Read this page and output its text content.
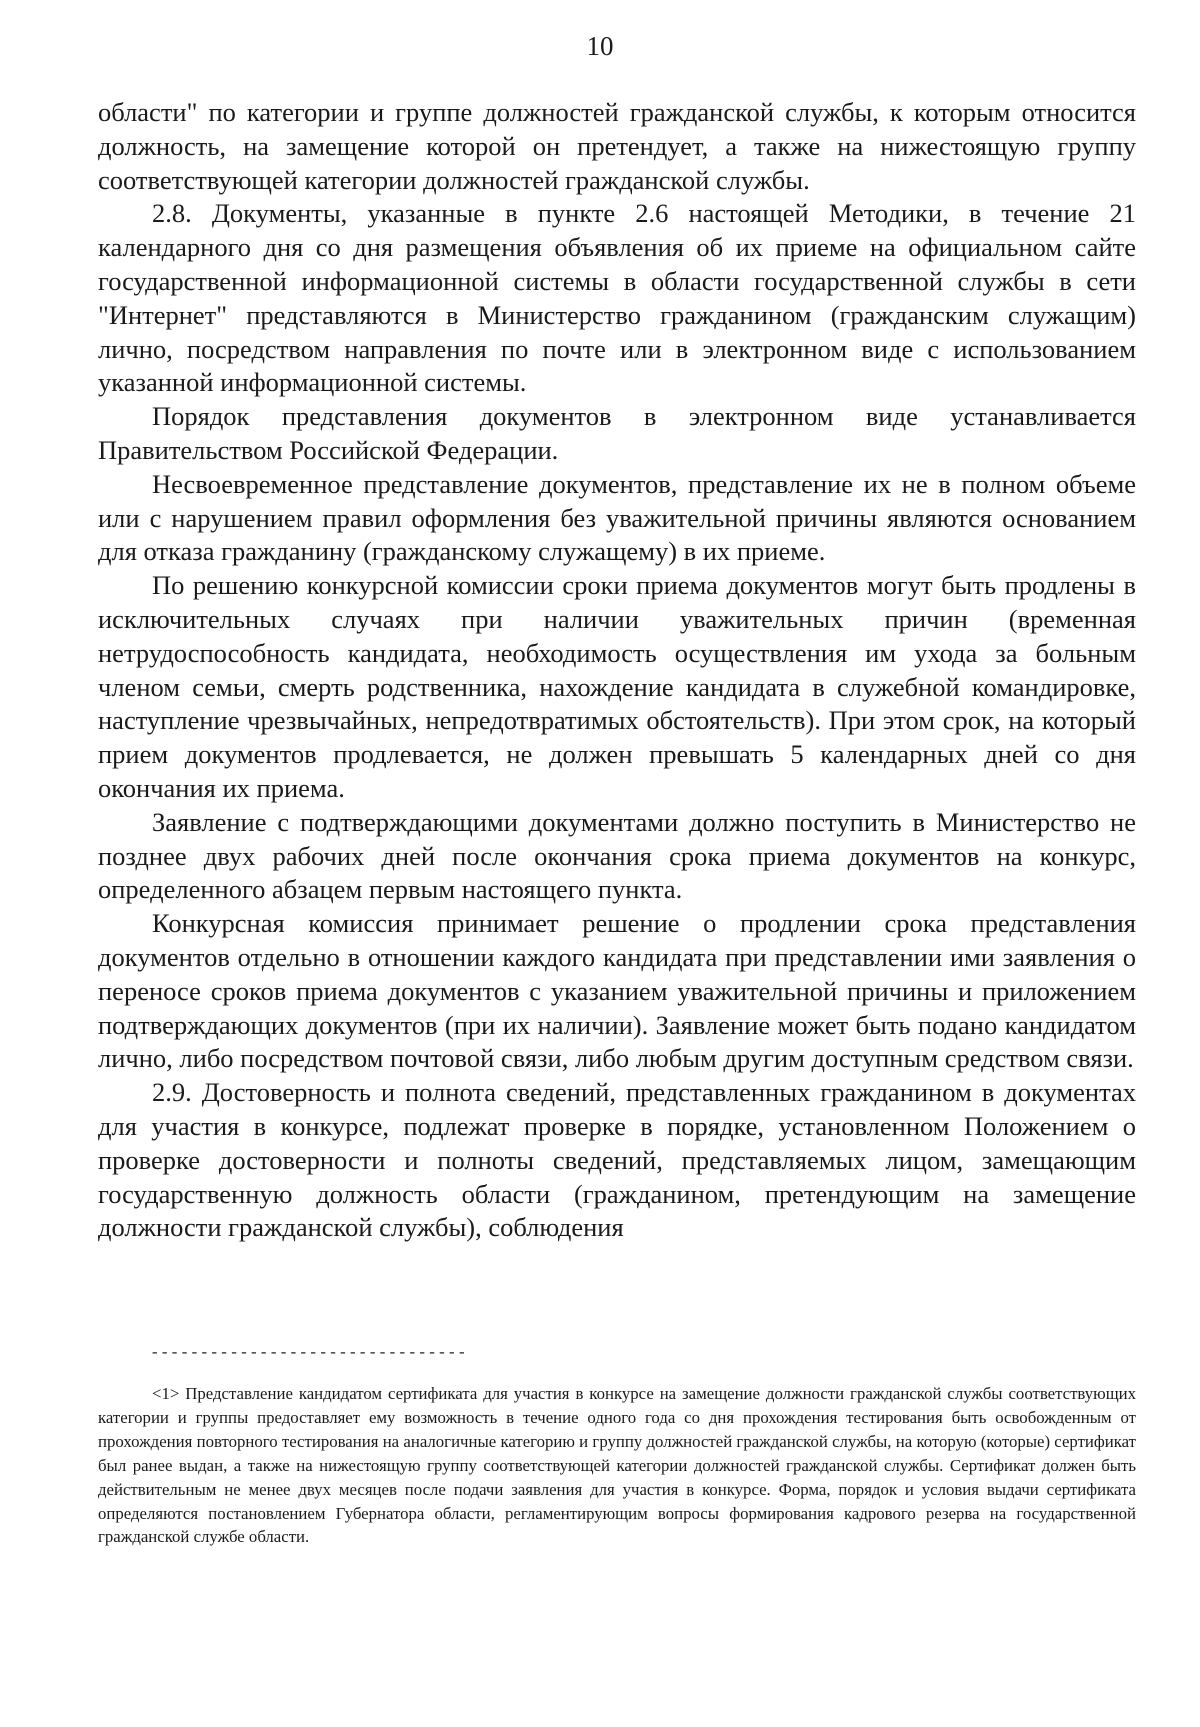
10

области" по категории и группе должностей гражданской службы, к которым относится должность, на замещение которой он претендует, а также на нижестоящую группу соответствующей категории должностей гражданской службы.

2.8. Документы, указанные в пункте 2.6 настоящей Методики, в течение 21 календарного дня со дня размещения объявления об их приеме на официальном сайте государственной информационной системы в области государственной службы в сети "Интернет" представляются в Министерство гражданином (гражданским служащим) лично, посредством направления по почте или в электронном виде с использованием указанной информационной системы.

Порядок представления документов в электронном виде устанавливается Правительством Российской Федерации.

Несвоевременное представление документов, представление их не в полном объеме или с нарушением правил оформления без уважительной причины являются основанием для отказа гражданину (гражданскому служащему) в их приеме.

По решению конкурсной комиссии сроки приема документов могут быть продлены в исключительных случаях при наличии уважительных причин (временная нетрудоспособность кандидата, необходимость осуществления им ухода за больным членом семьи, смерть родственника, нахождение кандидата в служебной командировке, наступление чрезвычайных, непредотвратимых обстоятельств). При этом срок, на который прием документов продлевается, не должен превышать 5 календарных дней со дня окончания их приема.

Заявление с подтверждающими документами должно поступить в Министерство не позднее двух рабочих дней после окончания срока приема документов на конкурс, определенного абзацем первым настоящего пункта.

Конкурсная комиссия принимает решение о продлении срока представления документов отдельно в отношении каждого кандидата при представлении ими заявления о переносе сроков приема документов с указанием уважительной причины и приложением подтверждающих документов (при их наличии). Заявление может быть подано кандидатом лично, либо посредством почтовой связи, либо любым другим доступным средством связи.

2.9. Достоверность и полнота сведений, представленных гражданином в документах для участия в конкурсе, подлежат проверке в порядке, установленном Положением о проверке достоверности и полноты сведений, представляемых лицом, замещающим государственную должность области (гражданином, претендующим на замещение должности гражданской службы), соблюдения

--------------------------------

<1> Представление кандидатом сертификата для участия в конкурсе на замещение должности гражданской службы соответствующих категории и группы предоставляет ему возможность в течение одного года со дня прохождения тестирования быть освобожденным от прохождения повторного тестирования на аналогичные категорию и группу должностей гражданской службы, на которую (которые) сертификат был ранее выдан, а также на нижестоящую группу соответствующей категории должностей гражданской службы. Сертификат должен быть действительным не менее двух месяцев после подачи заявления для участия в конкурсе. Форма, порядок и условия выдачи сертификата определяются постановлением Губернатора области, регламентирующим вопросы формирования кадрового резерва на государственной гражданской службе области.
